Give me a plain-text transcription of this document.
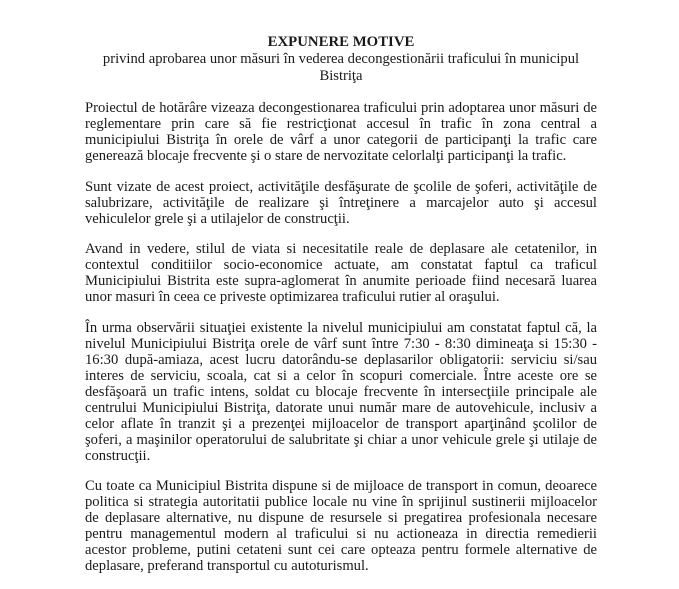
EXPUNERE MOTIVE
privind aprobarea unor măsuri în vederea decongestionării traficului în municipul Bistriţa

Proiectul de hotărâre vizeaza decongestionarea traficului prin adoptarea unor măsuri de reglementare prin care să fie restricţionat accesul în trafic în zona central a municipiului Bistriţa în orele de vârf a unor categorii de participanţi la trafic care generează blocaje frecvente şi o stare de nervozitate celorlalţi participanţi la trafic.

Sunt vizate de acest proiect, activităţile desfăşurate de şcolile de şoferi, activităţile de salubrizare, activităţile de realizare şi întreţinere a marcajelor auto şi accesul vehiculelor grele şi a utilajelor de construcţii.

Avand in vedere, stilul de viata si necesitatile reale de deplasare ale cetatenilor, in contextul conditiilor socio-economice actuate, am constatat faptul ca traficul Municipiului Bistrita este supra-aglomerat în anumite perioade fiind necesară luarea unor masuri în ceea ce priveste optimizarea traficului rutier al oraşului.

În urma observării situaţiei existente la nivelul municipiului am constatat faptul că, la nivelul Municipiului Bistriţa orele de vârf sunt între 7:30 - 8:30 dimineaţa si 15:30 - 16:30 după-amiaza, acest lucru datorându-se deplasarilor obligatorii: serviciu si/sau interes de serviciu, scoala, cat si a celor în scopuri comerciale. Între aceste ore se desfăşoară un trafic intens, soldat cu blocaje frecvente în intersecţiile principale ale centrului Municipiului Bistriţa, datorate unui număr mare de autovehicule, inclusiv a celor aflate în tranzit şi a prezenţei mijloacelor de transport aparţinând şcolilor de şoferi, a maşinilor operatorului de salubritate şi chiar a unor vehicule grele şi utilaje de construcţii.

Cu toate ca Municipiul Bistrita dispune si de mijloace de transport in comun, deoarece politica si strategia autoritatii publice locale nu vine în sprijinul sustinerii mijloacelor de deplasare alternative, nu dispune de resursele si pregatirea profesionala necesare pentru managementul modern al traficului si nu actioneaza in directia remedierii acestor probleme, putini cetateni sunt cei care opteaza pentru formele alternative de deplasare, preferand transportul cu autoturismul.
